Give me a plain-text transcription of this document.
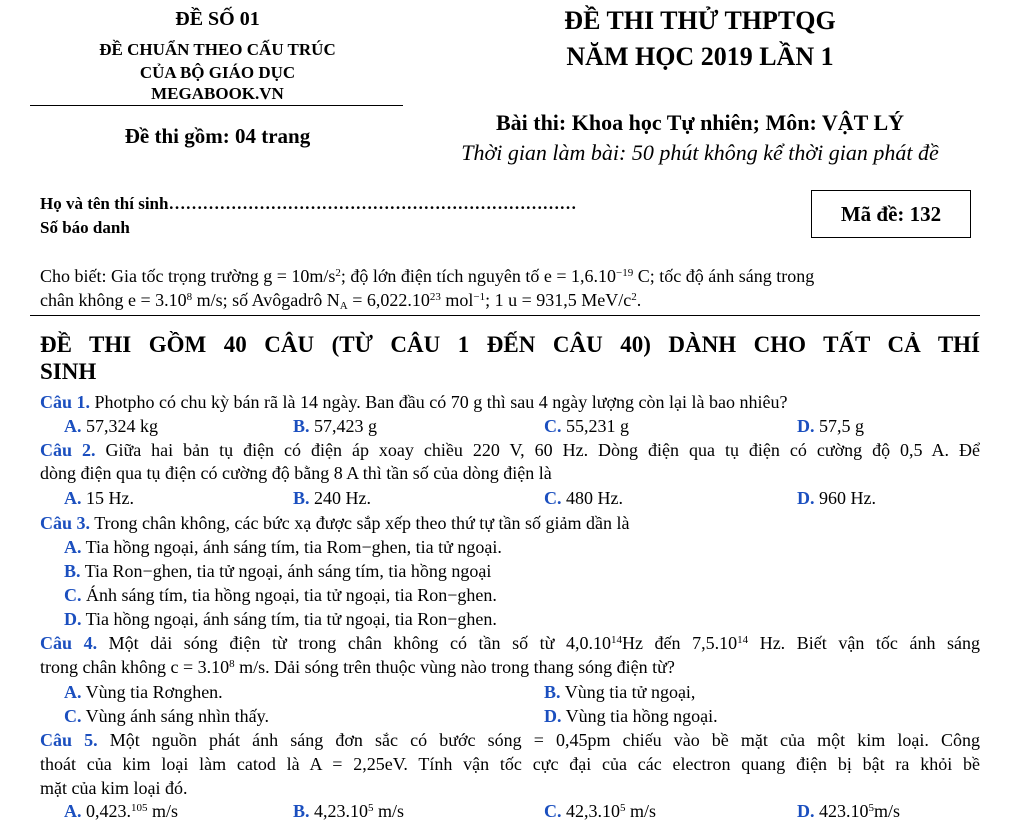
ĐỀ SỐ 01
ĐỀ CHUẨN THEO CẤU TRÚC
CỦA BỘ GIÁO DỤC
MEGABOOK.VN
Đề thi gồm: 04 trang
ĐỀ THI THỬ THPTQG
NĂM HỌC 2019 LẦN 1
Bài thi: Khoa học Tự nhiên; Môn: VẬT LÝ
Thời gian làm bài: 50 phút không kể thời gian phát đề
Họ và tên thí sinh………………………………………………………………
Số báo danh
Mã đề: 132
Cho biết: Gia tốc trọng trường $g = 10m/s^2$; độ lớn điện tích nguyên tố $e = 1,6.10^{-19}$ C; tốc độ ánh sáng trong
chân không $e = 3.10^8$ m/s; số Avôgadrô $N_A = 6,022.10^{23}$ mol$^{-1}$; 1 u = 931,5 MeV/$c^2$.
ĐỀ THI GỒM 40 CÂU (TỪ CÂU 1 ĐẾN CÂU 40) DÀNH CHO TẤT CẢ THÍ
SINH
Câu 1. Photpho có chu kỳ bán rã là 14 ngày. Ban đầu có 70 g thì sau 4 ngày lượng còn lại là bao nhiêu?
A. 57,324 kg	B. 57,423 g	C. 55,231 g	D. 57,5 g
Câu 2. Giữa hai bản tụ điện có điện áp xoay chiều 220 V, 60 Hz. Dòng điện qua tụ điện có cường độ 0,5 A. Để
dòng điện qua tụ điện có cường độ bằng 8 A thì tần số của dòng điện là
A. 15 Hz.	B. 240 Hz.	C. 480 Hz.	D. 960 Hz.
Câu 3. Trong chân không, các bức xạ được sắp xếp theo thứ tự tần số giảm dần là
A. Tia hồng ngoại, ánh sáng tím, tia Rom−ghen, tia tử ngoại.
B. Tia Ron−ghen, tia tử ngoại, ánh sáng tím, tia hồng ngoại
C. Ánh sáng tím, tia hồng ngoại, tia tử ngoại, tia Ron−ghen.
D. Tia hồng ngoại, ánh sáng tím, tia tử ngoại, tia Ron−ghen.
Câu 4. Một dải sóng điện từ trong chân không có tần số từ 4,0.10$^{14}$Hz đến 7,5.10$^{14}$ Hz. Biết vận tốc ánh sáng
trong chân không $c = 3.10^8$ m/s. Dải sóng trên thuộc vùng nào trong thang sóng điện từ?
A. Vùng tia Rơnghen.	B. Vùng tia tử ngoại,
C. Vùng ánh sáng nhìn thấy.	D. Vùng tia hồng ngoại.
Câu 5. Một nguồn phát ánh sáng đơn sắc có bước sóng = 0,45pm chiếu vào bề mặt của một kim loại. Công
thoát của kim loại làm catod là A = 2,25eV. Tính vận tốc cực đại của các electron quang điện bị bật ra khỏi bề
mặt của kim loại đó.
A. 0,423.$^{105}$ m/s	B. 4,23.10$^5$ m/s	C. 42,3.10$^5$ m/s	D. 423.10$^5$m/s
